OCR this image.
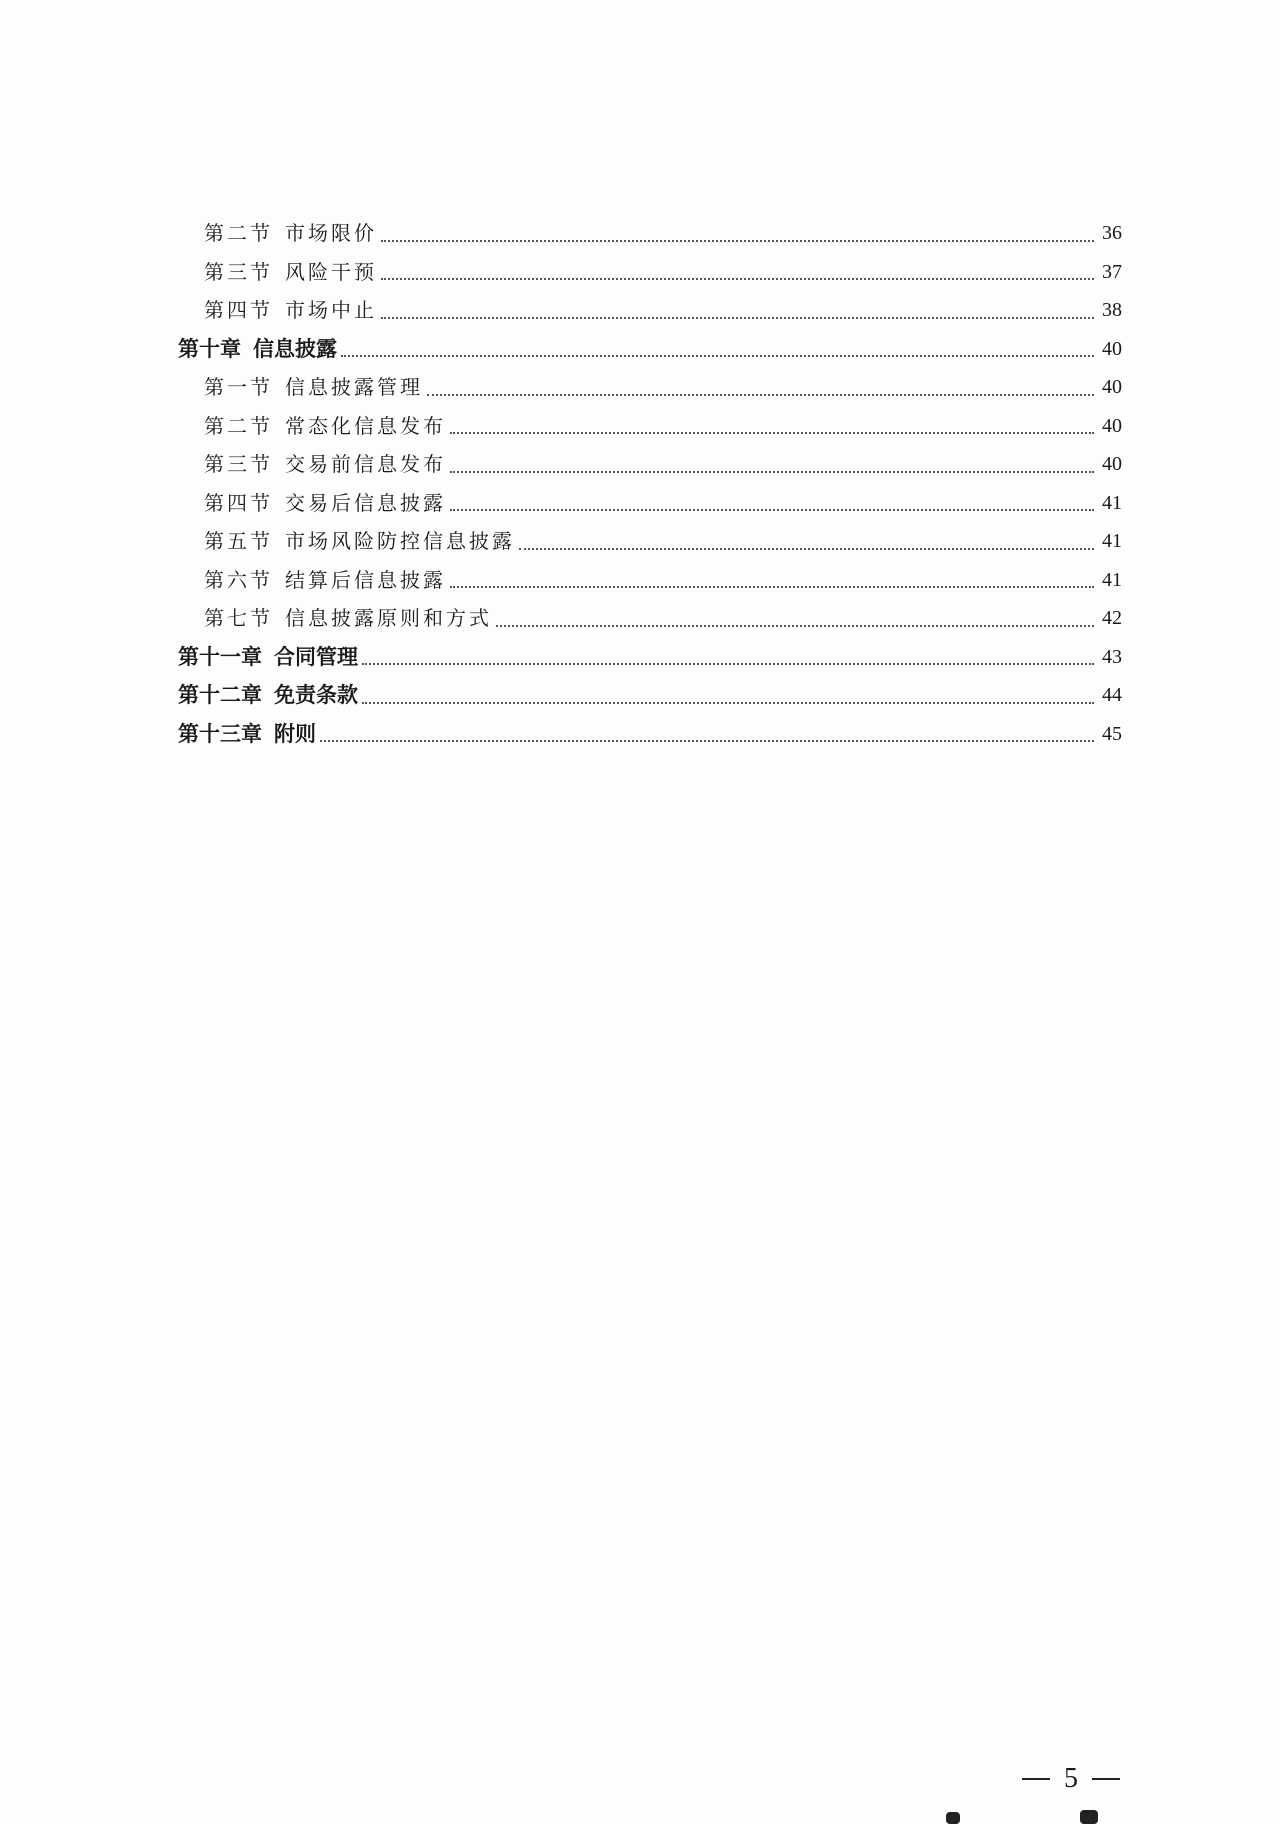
第二节 市场限价	36
第三节 风险干预	37
第四节 市场中止	38
第十章 信息披露	40
第一节 信息披露管理	40
第二节 常态化信息发布	40
第三节 交易前信息发布	40
第四节 交易后信息披露	41
第五节 市场风险防控信息披露	41
第六节 结算后信息披露	41
第七节 信息披露原则和方式	42
第十一章 合同管理	43
第十二章 免责条款	44
第十三章 附则	45
5
